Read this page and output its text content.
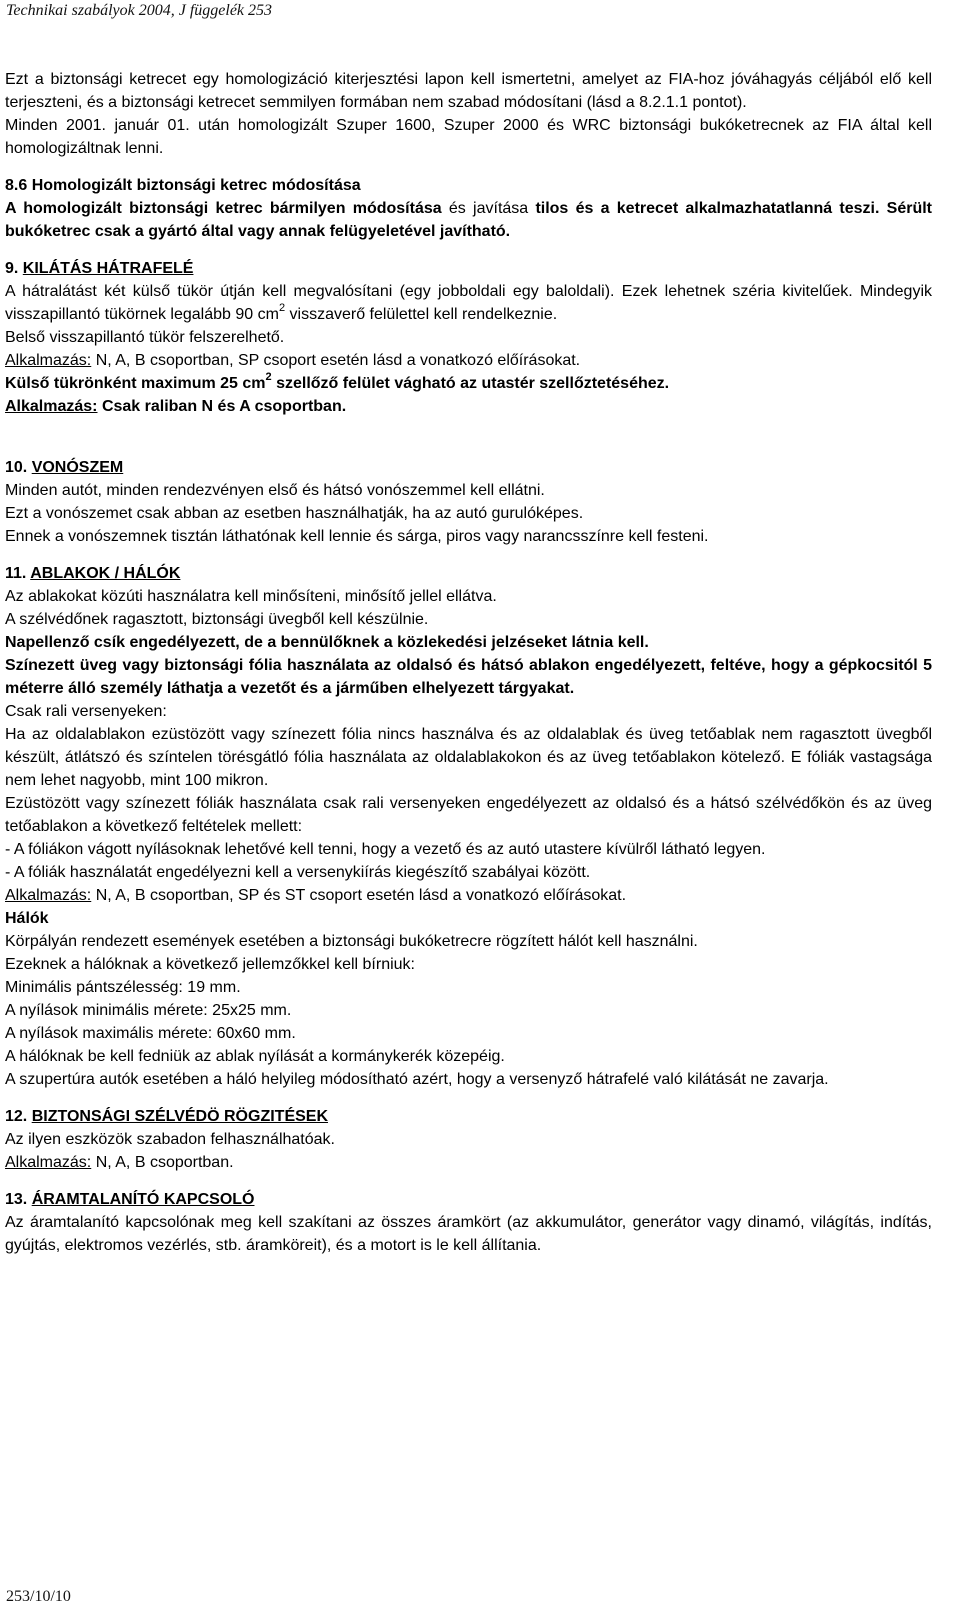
Technikai szabályok 2004, J függelék 253

Ezt a biztonsági ketrecet egy homologizáció kiterjesztési lapon kell ismertetni, amelyet az FIA-hoz jóváhagyás céljából elő kell terjeszteni, és a biztonsági ketrecet semmilyen formában nem szabad módosítani (lásd a 8.2.1.1 pontot).

Minden 2001. január 01. után homologizált Szuper 1600, Szuper 2000 és WRC biztonsági bukóketrecnek az FIA által kell homologizáltnak lenni.

8.6 Homologizált biztonsági ketrec módosítása

A homologizált biztonsági ketrec bármilyen módosítása és javítása tilos és a ketrecet alkalmazhatatlanná teszi. Sérült bukóketrec csak a gyártó által vagy annak felügyeletével javítható.

9. KILÁTÁS HÁTRAFELÉ

A hátralátást két külső tükör útján kell megvalósítani (egy jobboldali egy baloldali). Ezek lehetnek széria kivitelűek. Mindegyik visszapillantó tükörnek legalább 90 $cm^2$ visszaverő felülettel kell rendelkeznie.

Belső visszapillantó tükör felszerelhető.

Alkalmazás: N, A, B csoportban, SP csoport esetén lásd a vonatkozó előírásokat.

Külső tükrönként maximum 25 $cm^2$ szellőző felület vágható az utastér szellőztetéséhez.

Alkalmazás: Csak raliban N és A csoportban.

10. VONÓSZEM

Minden autót, minden rendezvényen első és hátsó vonószemmel kell ellátni.

Ezt a vonószemet csak abban az esetben használhatják, ha az autó gurulóképes.

Ennek a vonószemnek tisztán láthatónak kell lennie és sárga, piros vagy narancsszínre kell festeni.

11. ABLAKOK / HÁLÓK

Az ablakokat közúti használatra kell minősíteni, minősítő jellel ellátva.

A szélvédőnek ragasztott, biztonsági üvegből kell készülnie.

Napellenző csík engedélyezett, de a bennülőknek a közlekedési jelzéseket látnia kell.

Színezett üveg vagy biztonsági fólia használata az oldalsó és hátsó ablakon engedélyezett, feltéve, hogy a gépkocsitól 5 méterre álló személy láthatja a vezetőt és a járműben elhelyezett tárgyakat.

Csak rali versenyeken:

Ha az oldalablakon ezüstözött vagy színezett fólia nincs használva és az oldalablak és üveg tetőablak nem ragasztott üvegből készült, átlátszó és színtelen törésgátló fólia használata az oldalablakokon és az üveg tetőablakon kötelező. E fóliák vastagsága nem lehet nagyobb, mint 100 mikron.

Ezüstözött vagy színezett fóliák használata csak rali versenyeken engedélyezett az oldalsó és a hátsó szélvédőkön és az üveg tetőablakon a következő feltételek mellett:

- A fóliákon vágott nyílásoknak lehetővé kell tenni, hogy a vezető és az autó utastere kívülről látható legyen.

- A fóliák használatát engedélyezni kell a versenykiírás kiegészítő szabályai között.

Alkalmazás: N, A, B csoportban, SP és ST csoport esetén lásd a vonatkozó előírásokat.

Hálók

Körpályán rendezett események esetében a biztonsági bukóketrecre rögzített hálót kell használni.

Ezeknek a hálóknak a következő jellemzőkkel kell bírniuk:

Minimális pántszélesség: 19 mm.

A nyílások minimális mérete: 25x25 mm.

A nyílások maximális mérete: 60x60 mm.

A hálóknak be kell fedniük az ablak nyílását a kormánykerék közepéig.

A szupertúra autók esetében a háló helyileg módosítható azért, hogy a versenyző hátrafelé való kilátását ne zavarja.

12. BIZTONSÁGI SZÉLVÉDÖ RÖGZITÉSEK

Az ilyen eszközök szabadon felhasználhatóak.

Alkalmazás: N, A, B csoportban.

13. ÁRAMTALANÍTÓ KAPCSOLÓ

Az áramtalanító kapcsolónak meg kell szakítani az összes áramkört (az akkumulátor, generátor vagy dinamó, világítás, indítás, gyújtás, elektromos vezérlés, stb. áramköreit), és a motort is le kell állítania.

253/10/10
